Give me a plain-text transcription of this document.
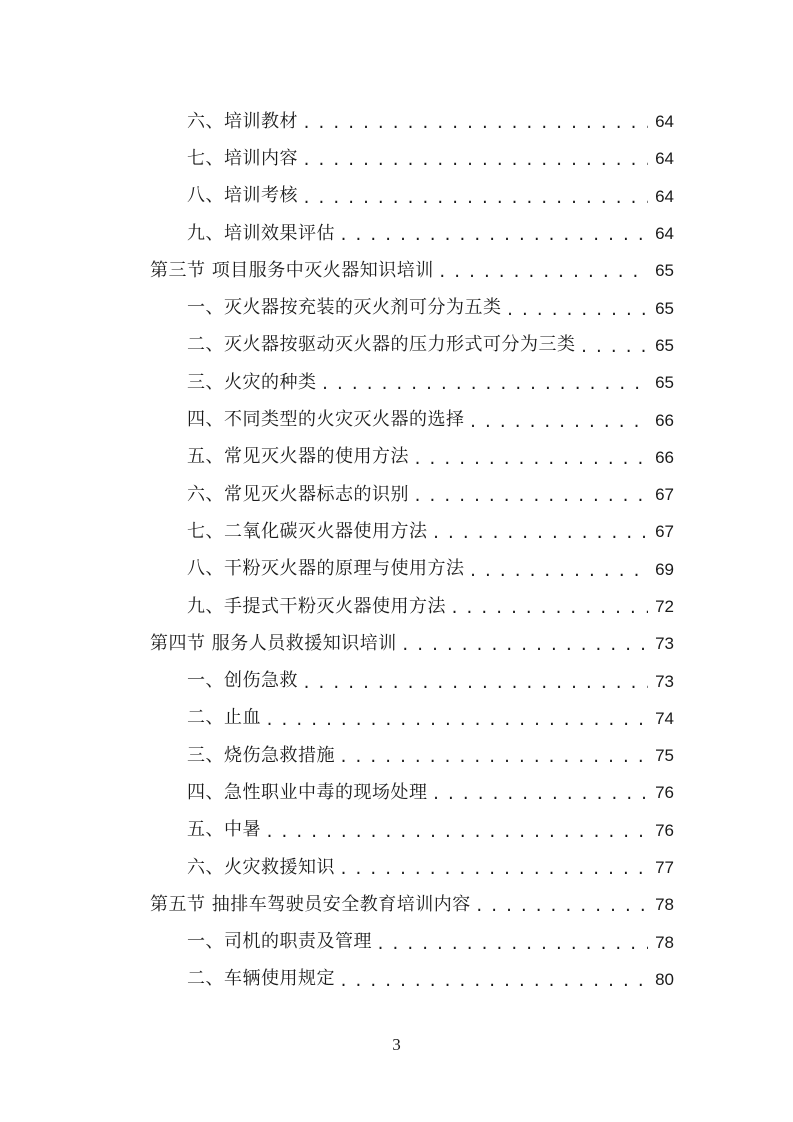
六、培训教材 . . .	64
七、培训内容 . . .	64
八、培训考核 . . .	64
九、培训效果评估 . . .	64
第三节 项目服务中灭火器知识培训 . . .	65
一、灭火器按充装的灭火剂可分为五类 . . .	65
二、灭火器按驱动灭火器的压力形式可分为三类 . . .	65
三、火灾的种类 . . .	65
四、不同类型的火灾灭火器的选择 . . .	66
五、常见灭火器的使用方法 . . .	66
六、常见灭火器标志的识别 . . .	67
七、二氧化碳灭火器使用方法 . . .	67
八、干粉灭火器的原理与使用方法 . . .	69
九、手提式干粉灭火器使用方法 . . .	72
第四节 服务人员救援知识培训 . . .	73
一、创伤急救 . . .	73
二、止血 . . .	74
三、烧伤急救措施 . . .	75
四、急性职业中毒的现场处理 . . .	76
五、中暑 . . .	76
六、火灾救援知识 . . .	77
第五节 抽排车驾驶员安全教育培训内容 . . .	78
一、司机的职责及管理 . . .	78
二、车辆使用规定 . . .	80
3
